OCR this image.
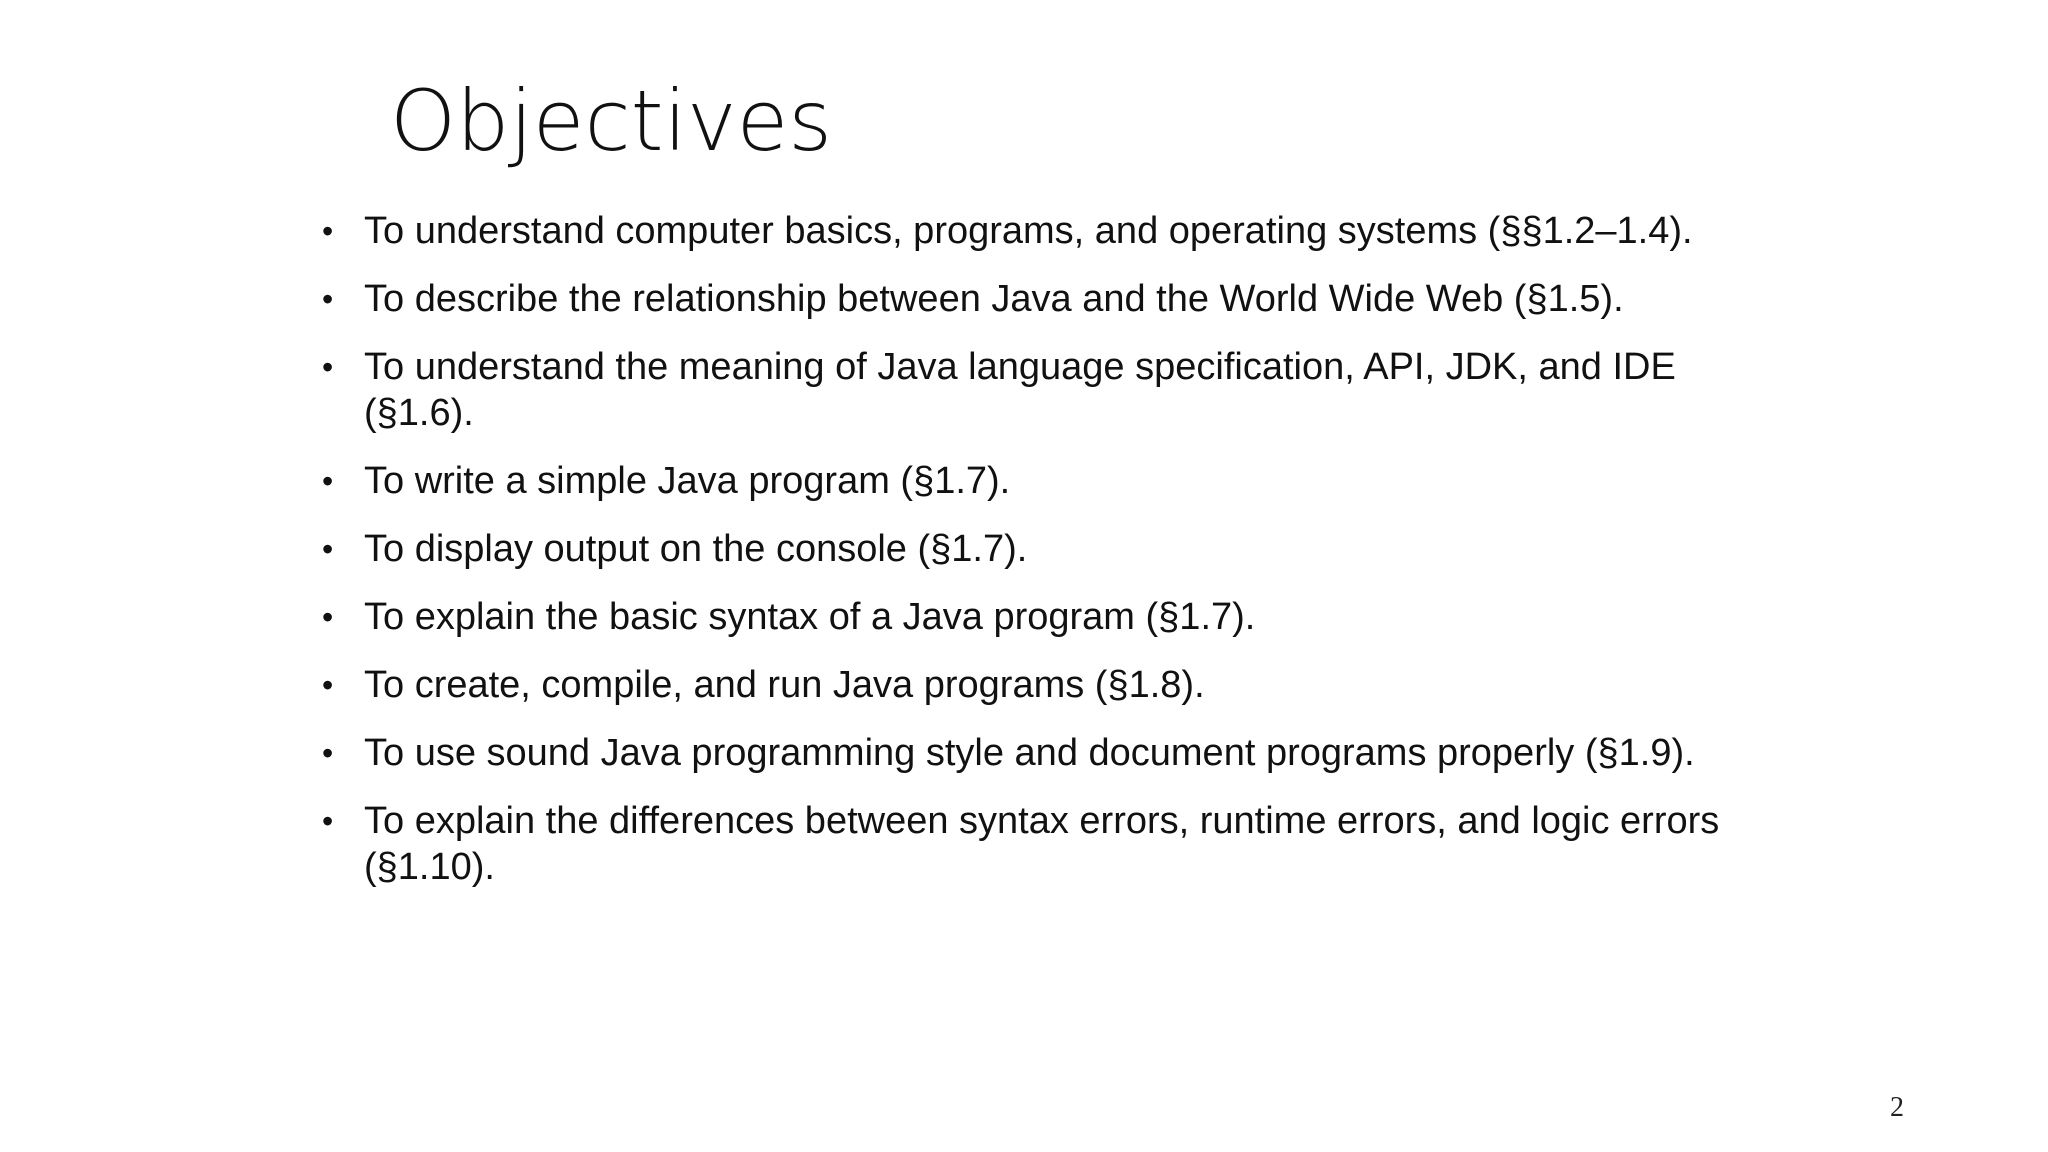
Objectives
• To understand computer basics, programs, and operating systems (§§1.2–1.4).
• To describe the relationship between Java and the World Wide Web (§1.5).
• To understand the meaning of Java language specification, API, JDK, and IDE (§1.6).
• To write a simple Java program (§1.7).
• To display output on the console (§1.7).
• To explain the basic syntax of a Java program (§1.7).
• To create, compile, and run Java programs (§1.8).
• To use sound Java programming style and document programs properly (§1.9).
• To explain the differences between syntax errors, runtime errors, and logic errors (§1.10).
2
